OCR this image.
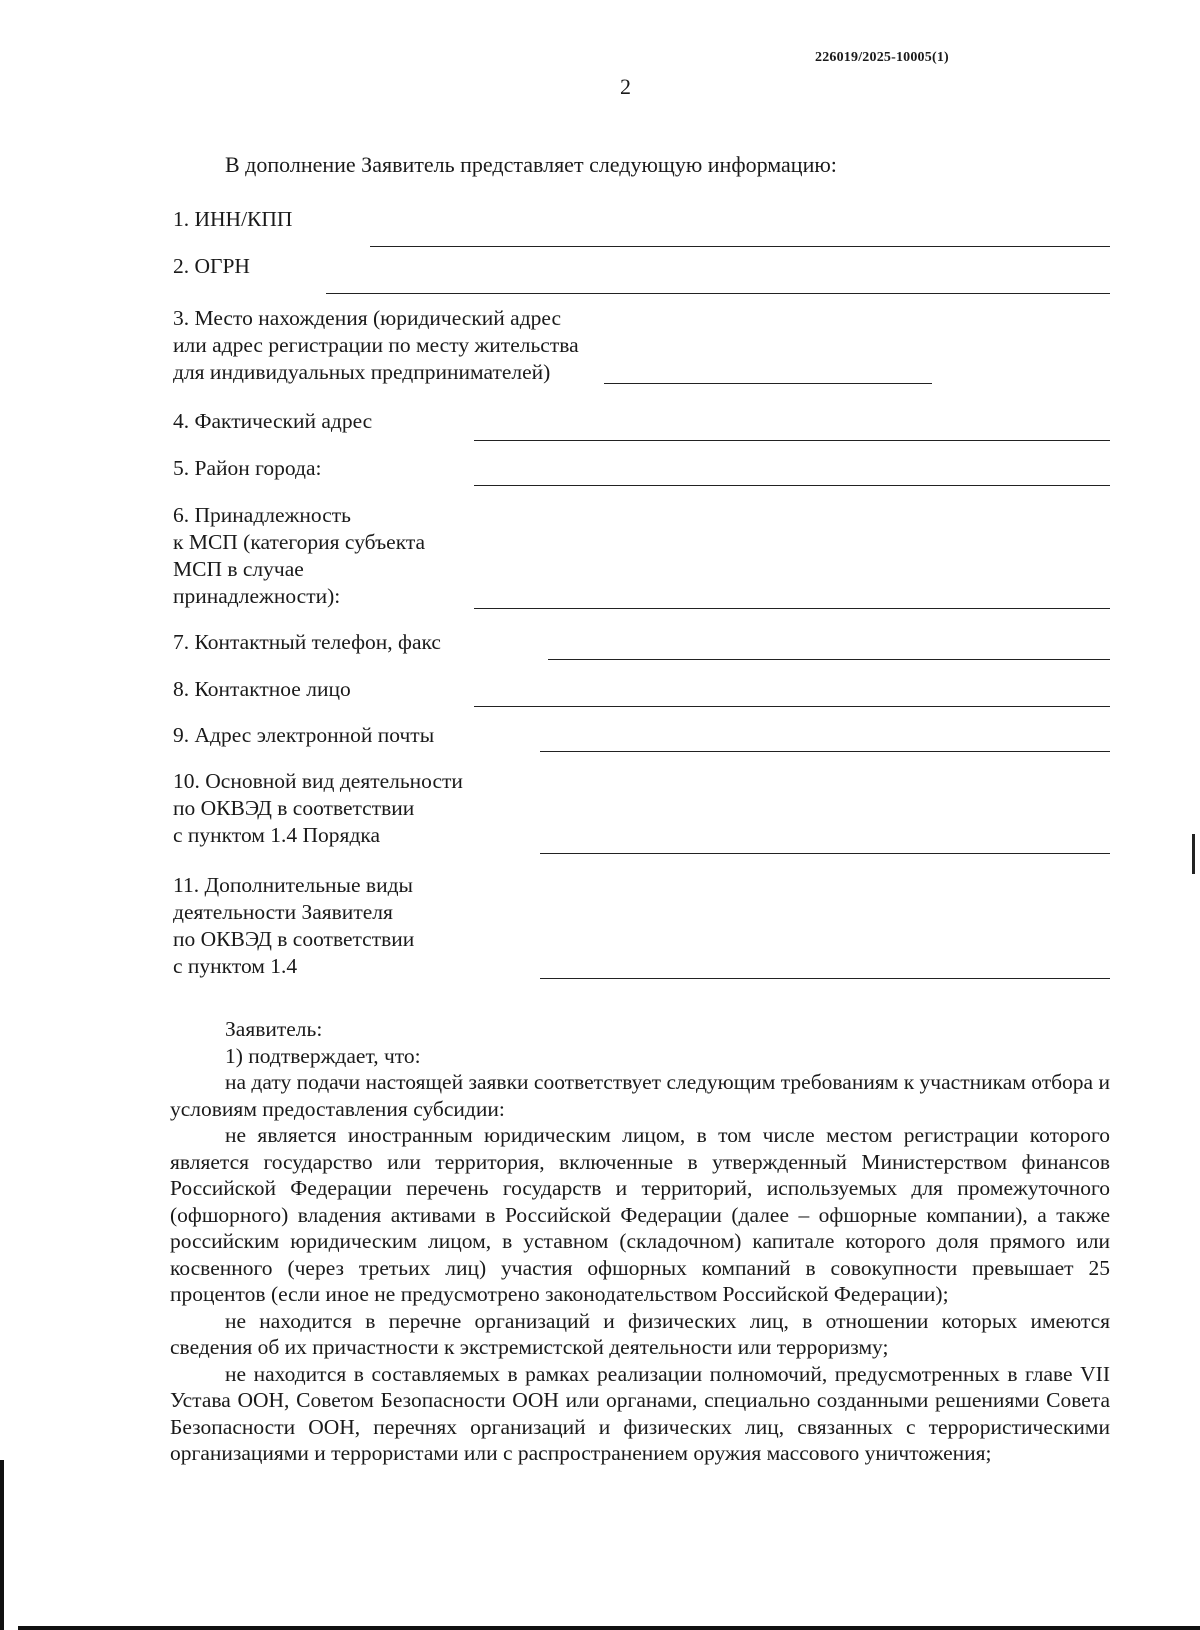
226019/2025-10005(1)
2
В дополнение Заявитель представляет следующую информацию:
1. ИНН/КПП
2. ОГРН
3. Место нахождения (юридический адрес
или адрес регистрации по месту жительства
для индивидуальных предпринимателей)
4. Фактический адрес
5. Район города:
6. Принадлежность
к МСП (категория субъекта
МСП в случае
принадлежности):
7. Контактный телефон, факс
8. Контактное лицо
9. Адрес электронной почты
10. Основной вид деятельности
по ОКВЭД в соответствии
с пунктом 1.4 Порядка
11. Дополнительные виды
деятельности Заявителя
по ОКВЭД в соответствии
с пунктом 1.4

Заявитель:

1) подтверждает, что:

на дату подачи настоящей заявки соответствует следующим требованиям к участникам отбора и условиям предоставления субсидии:

не является иностранным юридическим лицом, в том числе местом регистрации которого является государство или территория, включенные в утвержденный Министерством финансов Российской Федерации перечень государств и территорий, используемых для промежуточного (офшорного) владения активами в Российской Федерации (далее – офшорные компании), а также российским юридическим лицом, в уставном (складочном) капитале которого доля прямого или косвенного (через третьих лиц) участия офшорных компаний в совокупности превышает 25 процентов (если иное не предусмотрено законодательством Российской Федерации);

не находится в перечне организаций и физических лиц, в отношении которых имеются сведения об их причастности к экстремистской деятельности или терроризму;

не находится в составляемых в рамках реализации полномочий, предусмотренных в главе VII Устава ООН, Советом Безопасности ООН или органами, специально созданными решениями Совета Безопасности ООН, перечнях организаций и физических лиц, связанных с террористическими организациями и террористами или с распространением оружия массового уничтожения;
